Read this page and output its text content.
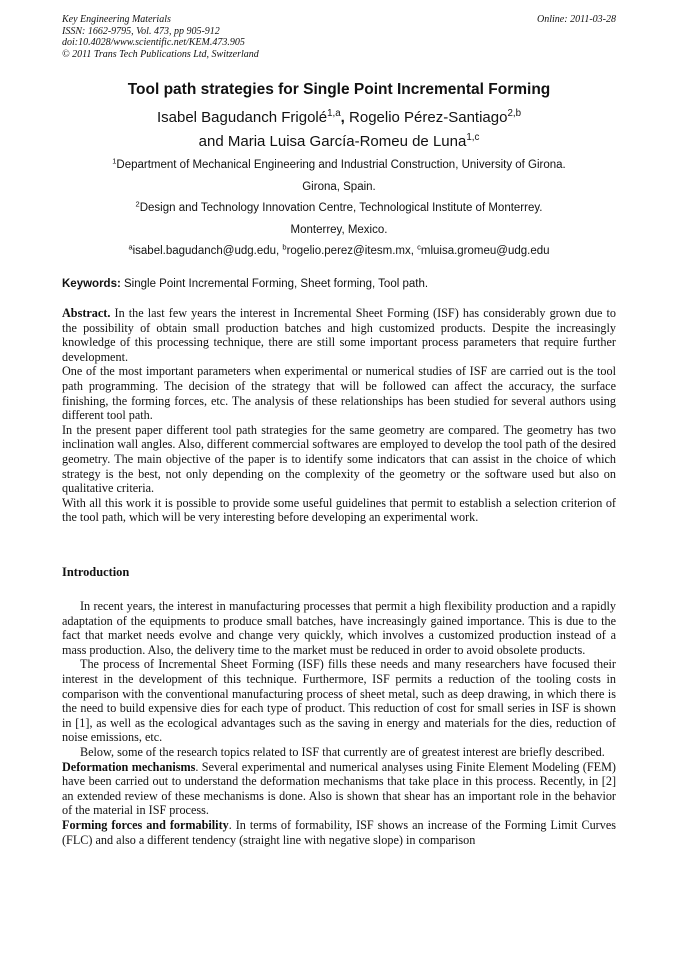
Key Engineering Materials
ISSN: 1662-9795, Vol. 473, pp 905-912
doi:10.4028/www.scientific.net/KEM.473.905
© 2011 Trans Tech Publications Ltd, Switzerland
Online: 2011-03-28
Tool path strategies for Single Point Incremental Forming
Isabel Bagudanch Frigolé$^{1,a}$, Rogelio Pérez-Santiago$^{2,b}$
and Maria Luisa García-Romeu de Luna$^{1,c}$
$^1$Department of Mechanical Engineering and Industrial Construction, University of Girona.
Girona, Spain.
$^2$Design and Technology Innovation Centre, Technological Institute of Monterrey.
Monterrey, Mexico.
$^a$isabel.bagudanch@udg.edu, $^b$rogelio.perez@itesm.mx, $^c$mluisa.gromeu@udg.edu
Keywords: Single Point Incremental Forming, Sheet forming, Tool path.

Abstract. In the last few years the interest in Incremental Sheet Forming (ISF) has considerably grown due to the possibility of obtain small production batches and high customized products. Despite the increasingly knowledge of this processing technique, there are still some important process parameters that require further development.

One of the most important parameters when experimental or numerical studies of ISF are carried out is the tool path programming. The decision of the strategy that will be followed can affect the accuracy, the surface finishing, the forming forces, etc. The analysis of these relationships has been studied for several authors using different tool path.

In the present paper different tool path strategies for the same geometry are compared. The geometry has two inclination wall angles. Also, different commercial softwares are employed to develop the tool path of the desired geometry. The main objective of the paper is to identify some indicators that can assist in the choice of which strategy is the best, not only depending on the complexity of the geometry or the software used but also on qualitative criteria.

With all this work it is possible to provide some useful guidelines that permit to establish a selection criterion of the tool path, which will be very interesting before developing an experimental work.

Introduction

In recent years, the interest in manufacturing processes that permit a high flexibility production and a rapidly adaptation of the equipments to produce small batches, have increasingly gained importance. This is due to the fact that market needs evolve and change very quickly, which involves a customized production instead of a mass production. Also, the delivery time to the market must be reduced in order to avoid obsolete products.

The process of Incremental Sheet Forming (ISF) fills these needs and many researchers have focused their interest in the development of this technique. Furthermore, ISF permits a reduction of the tooling costs in comparison with the conventional manufacturing process of sheet metal, such as deep drawing, in which there is the need to build expensive dies for each type of product. This reduction of cost for small series in ISF is shown in [1], as well as the ecological advantages such as the saving in energy and materials for the dies, reduction of noise emissions, etc.

Below, some of the research topics related to ISF that currently are of greatest interest are briefly described.

Deformation mechanisms. Several experimental and numerical analyses using Finite Element Modeling (FEM) have been carried out to understand the deformation mechanisms that take place in this process. Recently, in [2] an extended review of these mechanisms is done. Also is shown that shear has an important role in the behavior of the material in ISF process.

Forming forces and formability. In terms of formability, ISF shows an increase of the Forming Limit Curves (FLC) and also a different tendency (straight line with negative slope) in comparison
